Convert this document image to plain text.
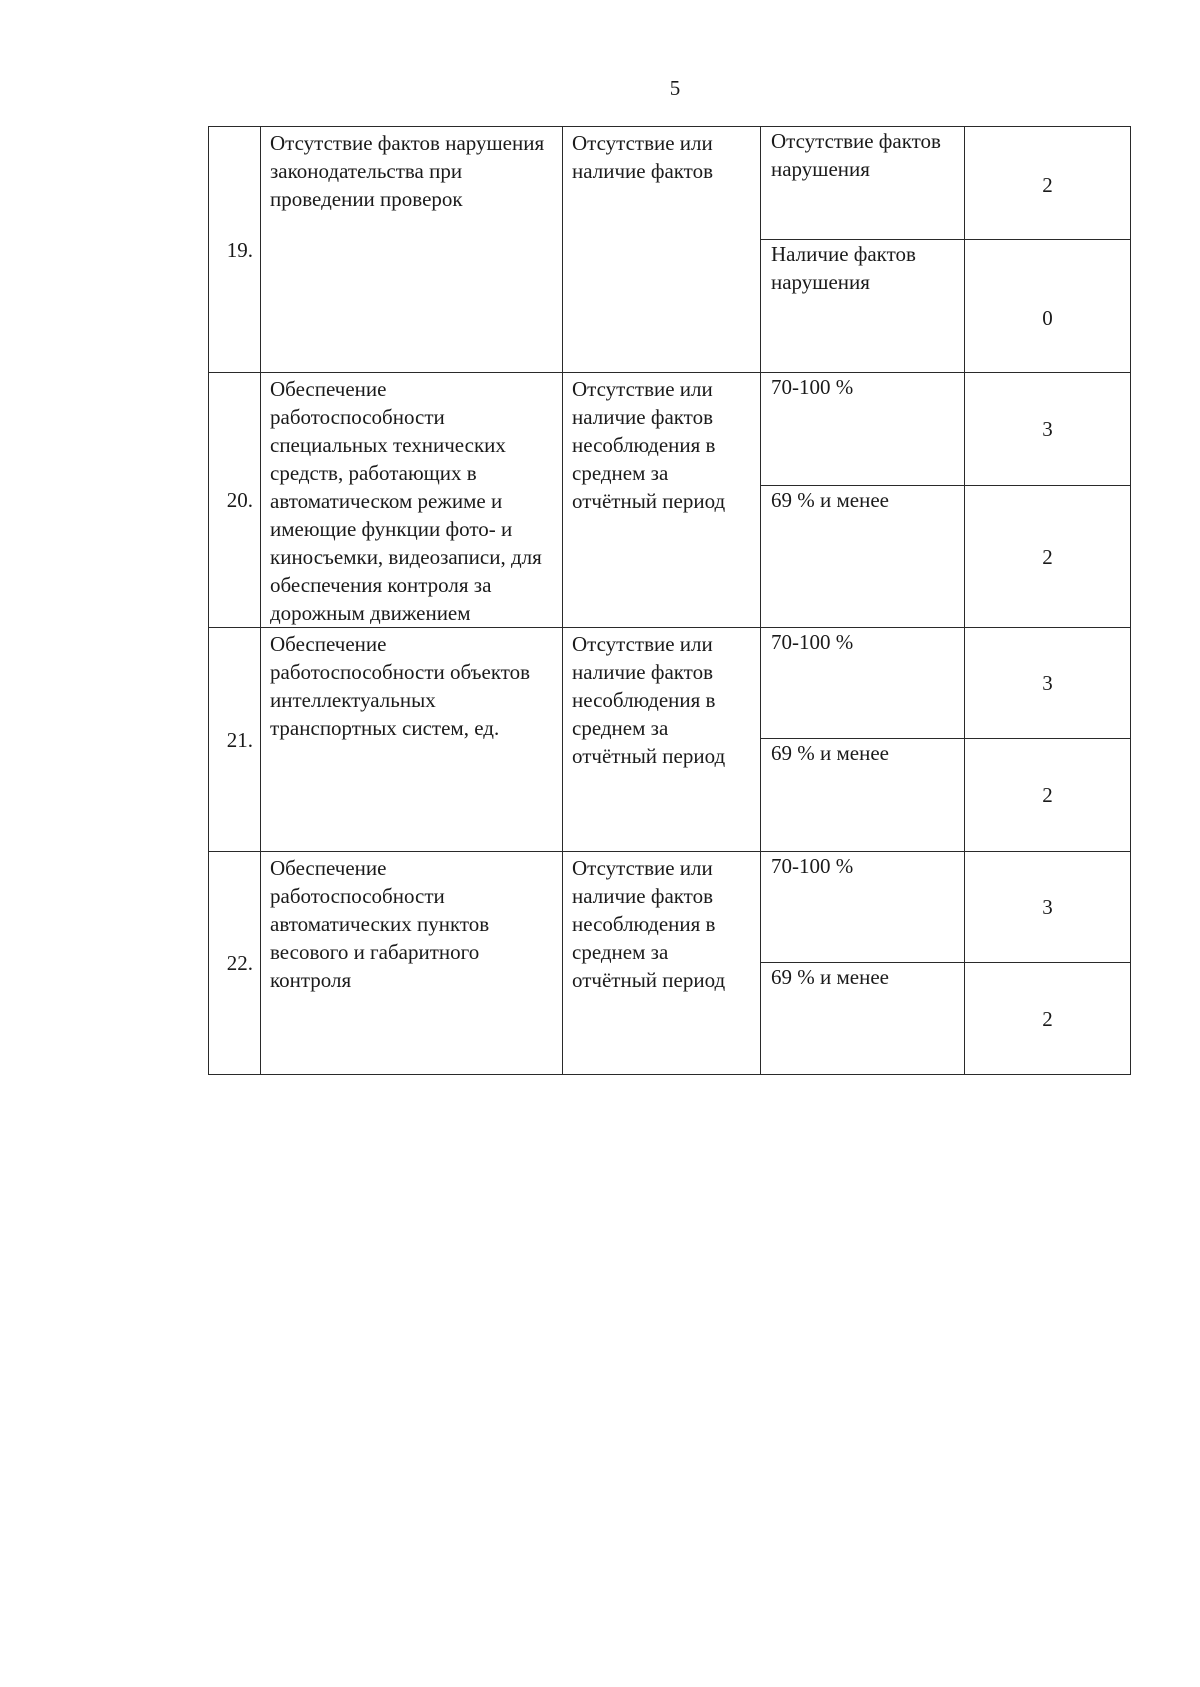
5
19.	Отсутствие фактов нарушения законодательства при проведении проверок	Отсутствие или наличие фактов	Отсутствие фактов нарушения	2
			Наличие фактов нарушения	0
20.	Обеспечение работоспособности специальных технических средств, работающих в автоматическом режиме и имеющие функции фото- и киносъемки, видеозаписи, для обеспечения контроля за дорожным движением	Отсутствие или наличие фактов несоблюдения в среднем за отчётный период	70-100 %	3
			69 % и менее	2
21.	Обеспечение работоспособности объектов интеллектуальных транспортных систем, ед.	Отсутствие или наличие фактов несоблюдения в среднем за отчётный период	70-100 %	3
			69 % и менее	2
22.	Обеспечение работоспособности автоматических пунктов весового и габаритного контроля	Отсутствие или наличие фактов несоблюдения в среднем за отчётный период	70-100 %	3
			69 % и менее	2
